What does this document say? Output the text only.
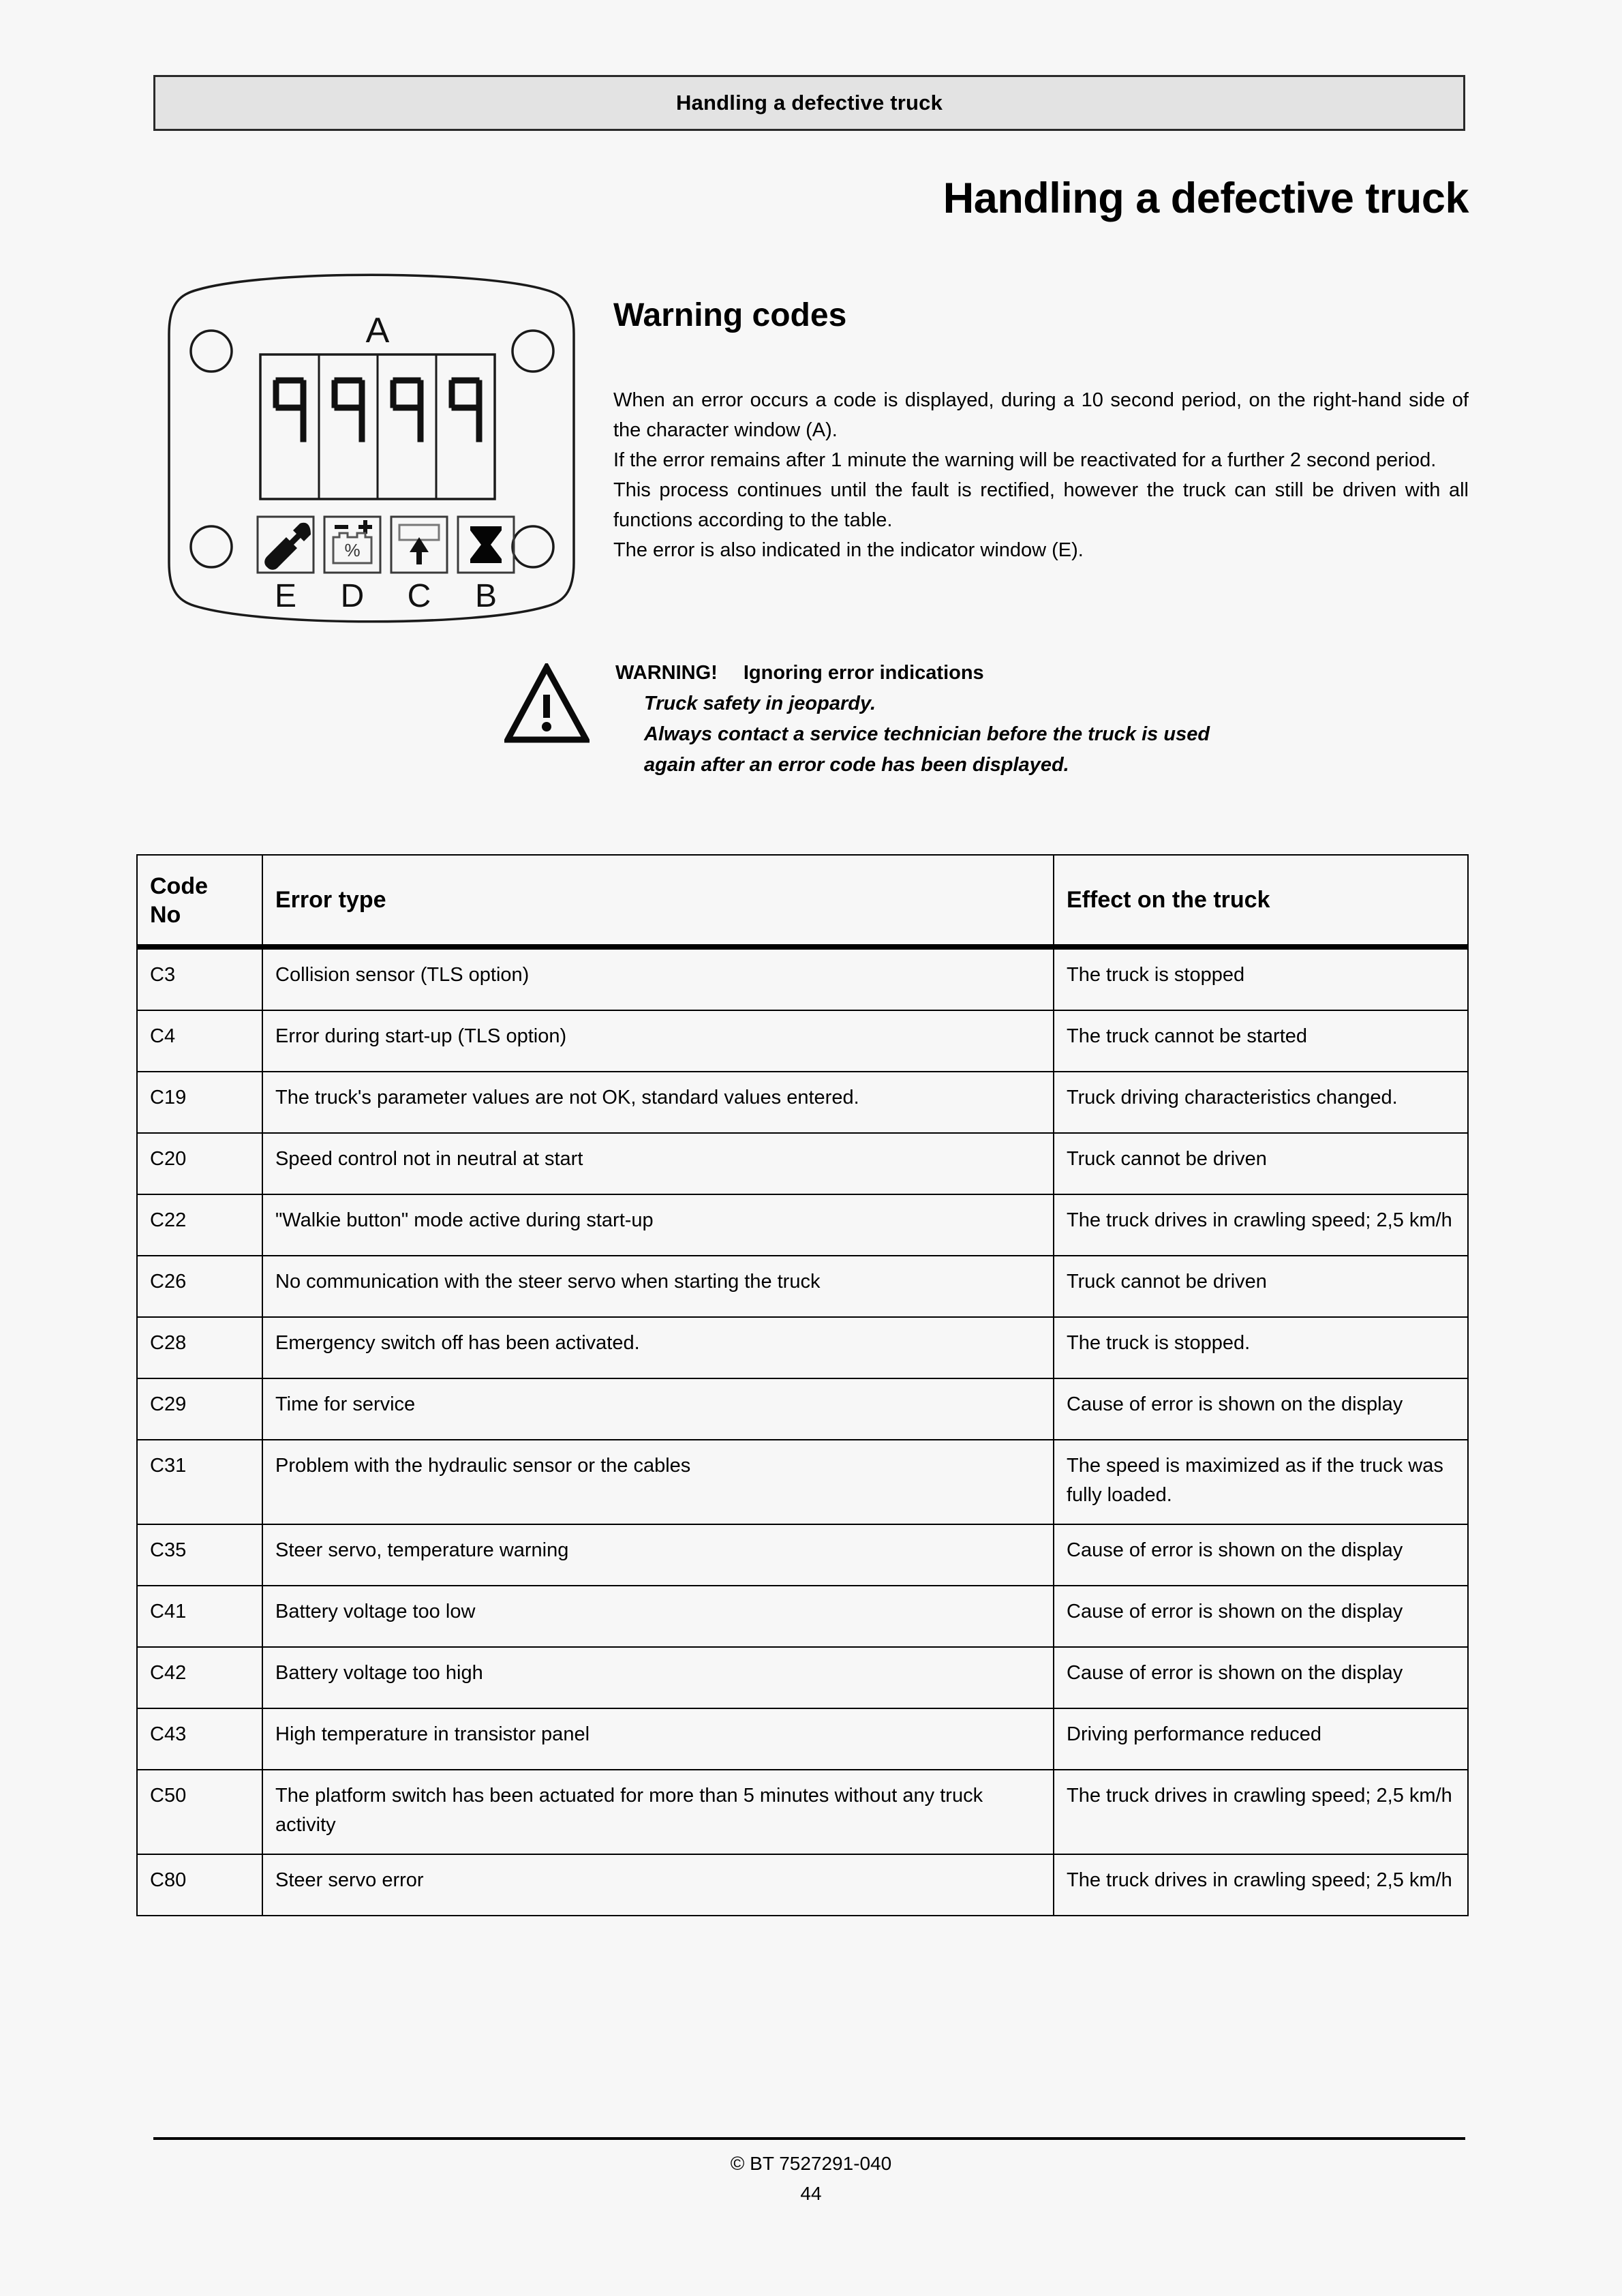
Handling a defective truck
Handling a defective truck
A
%
E D C B
Warning codes

When an error occurs a code is displayed, during a 10 second period, on the right-hand side of the character window (A).

If the error remains after 1 minute the warning will be reactivated for a further 2 second period.

This process continues until the fault is rectified, however the truck can still be driven with all functions according to the table.

The error is also indicated in the indicator window (E).

WARNING! Ignoring error indications
Truck safety in jeopardy.
Always contact a service technician before the truck is used
again after an error code has been displayed.
Code
No	Error type	Effect on the truck
C3	Collision sensor (TLS option)	The truck is stopped
C4	Error during start-up (TLS option)	The truck cannot be started
C19	The truck's parameter values are not OK, standard values entered.	Truck driving characteristics changed.
C20	Speed control not in neutral at start	Truck cannot be driven
C22	"Walkie button" mode active during start-up	The truck drives in crawling speed; 2,5 km/h
C26	No communication with the steer servo when starting the truck	Truck cannot be driven
C28	Emergency switch off has been activated.	The truck is stopped.
C29	Time for service	Cause of error is shown on the display
C31	Problem with the hydraulic sensor or the cables	The speed is maximized as if the truck was fully loaded.
C35	Steer servo, temperature warning	Cause of error is shown on the display
C41	Battery voltage too low	Cause of error is shown on the display
C42	Battery voltage too high	Cause of error is shown on the display
C43	High temperature in transistor panel	Driving performance reduced
C50	The platform switch has been actuated for more than 5 minutes without any truck activity	The truck drives in crawling speed; 2,5 km/h
C80	Steer servo error	The truck drives in crawling speed; 2,5 km/h
© BT 7527291-040
44
